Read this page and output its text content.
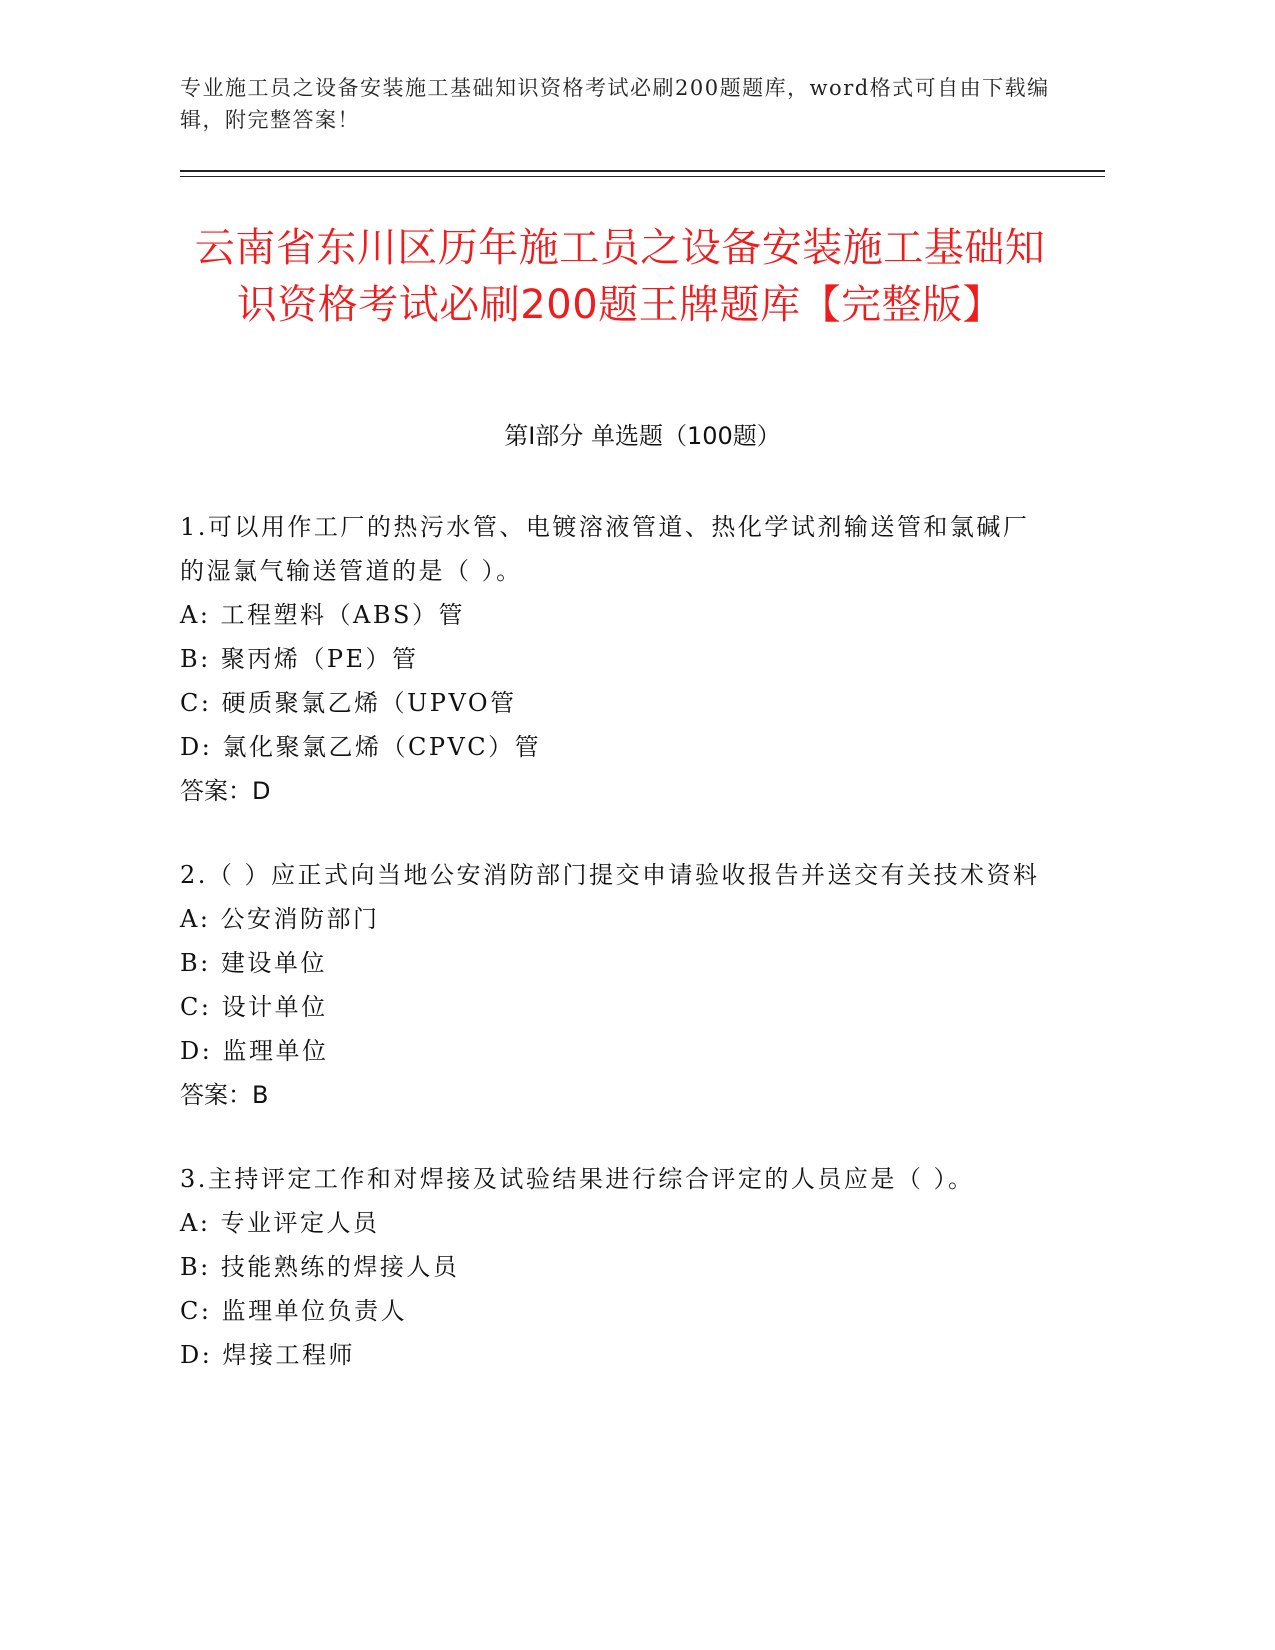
专业施工员之设备安装施工基础知识资格考试必刷200题题库，word格式可自由下载编辑，附完整答案！
云南省东川区历年施工员之设备安装施工基础知识资格考试必刷200题王牌题库【完整版】
第Ⅰ部分 单选题（100题）
1.可以用作工厂的热污水管、电镀溶液管道、热化学试剂输送管和氯碱厂的湿氯气输送管道的是（ ）。
A: 工程塑料（ABS）管
B: 聚丙烯（PE）管
C: 硬质聚氯乙烯（UPVO管
D: 氯化聚氯乙烯（CPVC）管
答案：D
2.（ ）应正式向当地公安消防部门提交申请验收报告并送交有关技术资料
A: 公安消防部门
B: 建设单位
C: 设计单位
D: 监理单位
答案：B
3.主持评定工作和对焊接及试验结果进行综合评定的人员应是（ ）。
A: 专业评定人员
B: 技能熟练的焊接人员
C: 监理单位负责人
D: 焊接工程师
